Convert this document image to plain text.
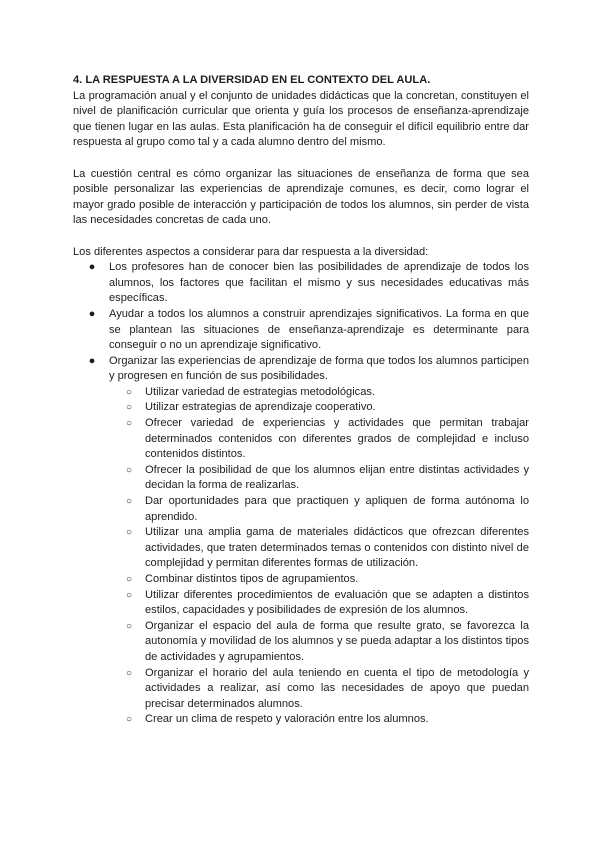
4. LA RESPUESTA A LA DIVERSIDAD EN EL CONTEXTO DEL AULA.

La programación anual y el conjunto de unidades didácticas que la concretan, constituyen el nivel de planificación curricular que orienta y guía los procesos de enseñanza-aprendizaje que tienen lugar en las aulas. Esta planificación ha de conseguir el difícil equilibrio entre dar respuesta al grupo como tal y a cada alumno dentro del mismo.

La cuestión central es cómo organizar las situaciones de enseñanza de forma que sea posible personalizar las experiencias de aprendizaje comunes, es decir, como lograr el mayor grado posible de interacción y participación de todos los alumnos, sin perder de vista las necesidades concretas de cada uno.

Los diferentes aspectos a considerar para dar respuesta a la diversidad:

● Los profesores han de conocer bien las posibilidades de aprendizaje de todos los alumnos, los factores que facilitan el mismo y sus necesidades educativas más específicas.
● Ayudar a todos los alumnos a construir aprendizajes significativos. La forma en que se plantean las situaciones de enseñanza-aprendizaje es determinante para conseguir o no un aprendizaje significativo.
● Organizar las experiencias de aprendizaje de forma que todos los alumnos participen y progresen en función de sus posibilidades.
○ Utilizar variedad de estrategias metodológicas.
○ Utilizar estrategias de aprendizaje cooperativo.
○ Ofrecer variedad de experiencias y actividades que permitan trabajar determinados contenidos con diferentes grados de complejidad e incluso contenidos distintos.
○ Ofrecer la posibilidad de que los alumnos elijan entre distintas actividades y decidan la forma de realizarlas.
○ Dar oportunidades para que practiquen y apliquen de forma autónoma lo aprendido.
○ Utilizar una amplia gama de materiales didácticos que ofrezcan diferentes actividades, que traten determinados temas o contenidos con distinto nivel de complejidad y permitan diferentes formas de utilización.
○ Combinar distintos tipos de agrupamientos.
○ Utilizar diferentes procedimientos de evaluación que se adapten a distintos estilos, capacidades y posibilidades de expresión de los alumnos.
○ Organizar el espacio del aula de forma que resulte grato, se favorezca la autonomía y movilidad de los alumnos y se pueda adaptar a los distintos tipos de actividades y agrupamientos.
○ Organizar el horario del aula teniendo en cuenta el tipo de metodología y actividades a realizar, así como las necesidades de apoyo que puedan precisar determinados alumnos.
○ Crear un clima de respeto y valoración entre los alumnos.
